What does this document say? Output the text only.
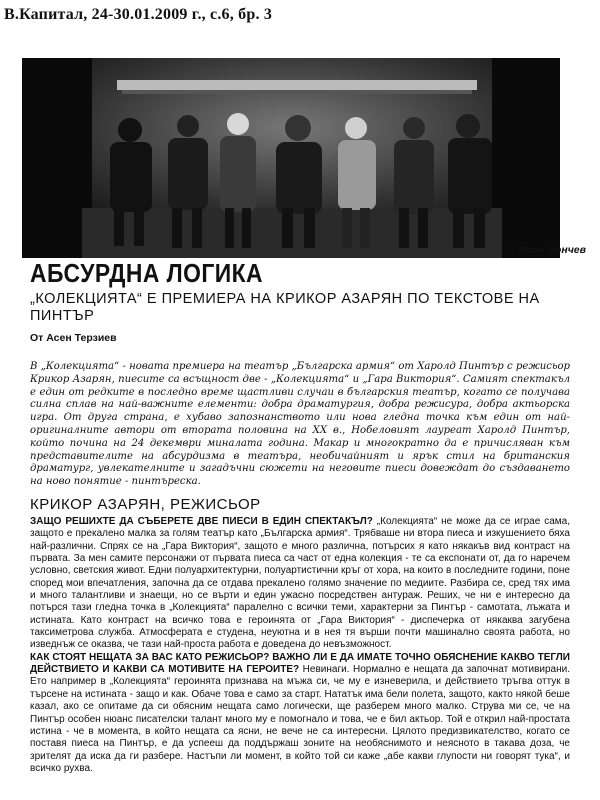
В.Капитал, 24-30.01.2009 г., с.6, бр. 3
© Иван Дончев
АБСУРДНА ЛОГИКА
„КОЛЕКЦИЯТА“ Е ПРЕМИЕРА НА КРИКОР АЗАРЯН ПО ТЕКСТОВЕ НА ПИНТЪР
От Асен Терзиев
В „Колекцията“ - новата премиера на театър „Българска армия“ от Харолд Пинтър с режисьор Крикор Азарян, пиесите са всъщност две - „Колекцията“ и „Гара Виктория“. Самият спектакъл е един от редките в последно време щастливи случаи в българския театър, когато се получава силна сплав на най-важните елементи: добра драматургия, добра режисура, добра актьорска игра. От друга страна, е хубаво запознанството или нова гледна точка към един от най-оригиналните автори от втората половина на XX в., Нобеловият лауреат Харолд Пинтър, който почина на 24 декември миналата година. Макар и многократно да е причисляван към представителите на абсурдизма в театъра, необичайният и ярък стил на британския драматург, увлекателните и загадъчни сюжети на неговите пиеси довеждат до създаването на ново понятие - пинтъреска.
КРИКОР АЗАРЯН, РЕЖИСЬОР

ЗАЩО РЕШИХТЕ ДА СЪБЕРЕТЕ ДВЕ ПИЕСИ В ЕДИН СПЕКТАКЪЛ? „Колекцията“ не може да се играе сама, защото е прекалено малка за голям театър като „Българска армия“. Трябваше ни втора пиеса и изкушението бяха най-различни. Спрях се на „Гара Виктория“, защото е много различна, потърсих я като някакъв вид контраст на първата. За мен самите персонажи от първата пиеса са част от една колекция - те са експонати от, да го наречем условно, светския живот. Едни полуархитектурни, полуартистични кръг от хора, на които в последните години, поне според мои впечатления, започна да се отдава прекалено голямо значение по медиите. Разбира се, сред тях има и много талантливи и знаещи, но се върти и един ужасно посредствен антураж. Реших, че ни е интересно да потърся тази гледна точка в „Колекцията“ паралелно с всички теми, характерни за Пинтър - самотата, лъжата и истината. Като контраст на всичко това е героинята от „Гара Виктория“ - диспечерка от някаква загубена таксиметрова служба. Атмосферата е студена, неуютна и в нея тя върши почти машинално своята работа, но изведнъж се оказва, че тази най-проста работа е доведена до невъзможност.

КАК СТОЯТ НЕЩАТА ЗА ВАС КАТО РЕЖИСЬОР? ВАЖНО ЛИ Е ДА ИМАТЕ ТОЧНО ОБЯСНЕНИЕ КАКВО ТЕГЛИ ДЕЙСТВИЕТО И КАКВИ СА МОТИВИТЕ НА ГЕРОИТЕ? Невинаги. Нормално е нещата да започнат мотивирани. Ето например в „Колекцията“ героинята признава на мъжа си, че му е изневерила, и действието тръгва оттук в търсене на истината - защо и как. Обаче това е само за старт. Нататък има бели полета, защото, както някой беше казал, ако се опитаме да си обясним нещата само логически, ще разберем много малко. Струва ми се, че на Пинтър особен нюанс писателски талант много му е помогнало и това, че е бил актьор. Той е открил най-простата истина - че в момента, в който нещата са ясни, не вече не са интересни. Цялото предизвикателство, когато се поставя пиеса на Пинтър, е да успееш да поддържаш зоните на необяснимото и неясното в такава доза, че зрителят да иска да ги разбере. Настъпи ли момент, в който той си каже „абе какви глупости ни говорят тука“, и всичко рухва.
